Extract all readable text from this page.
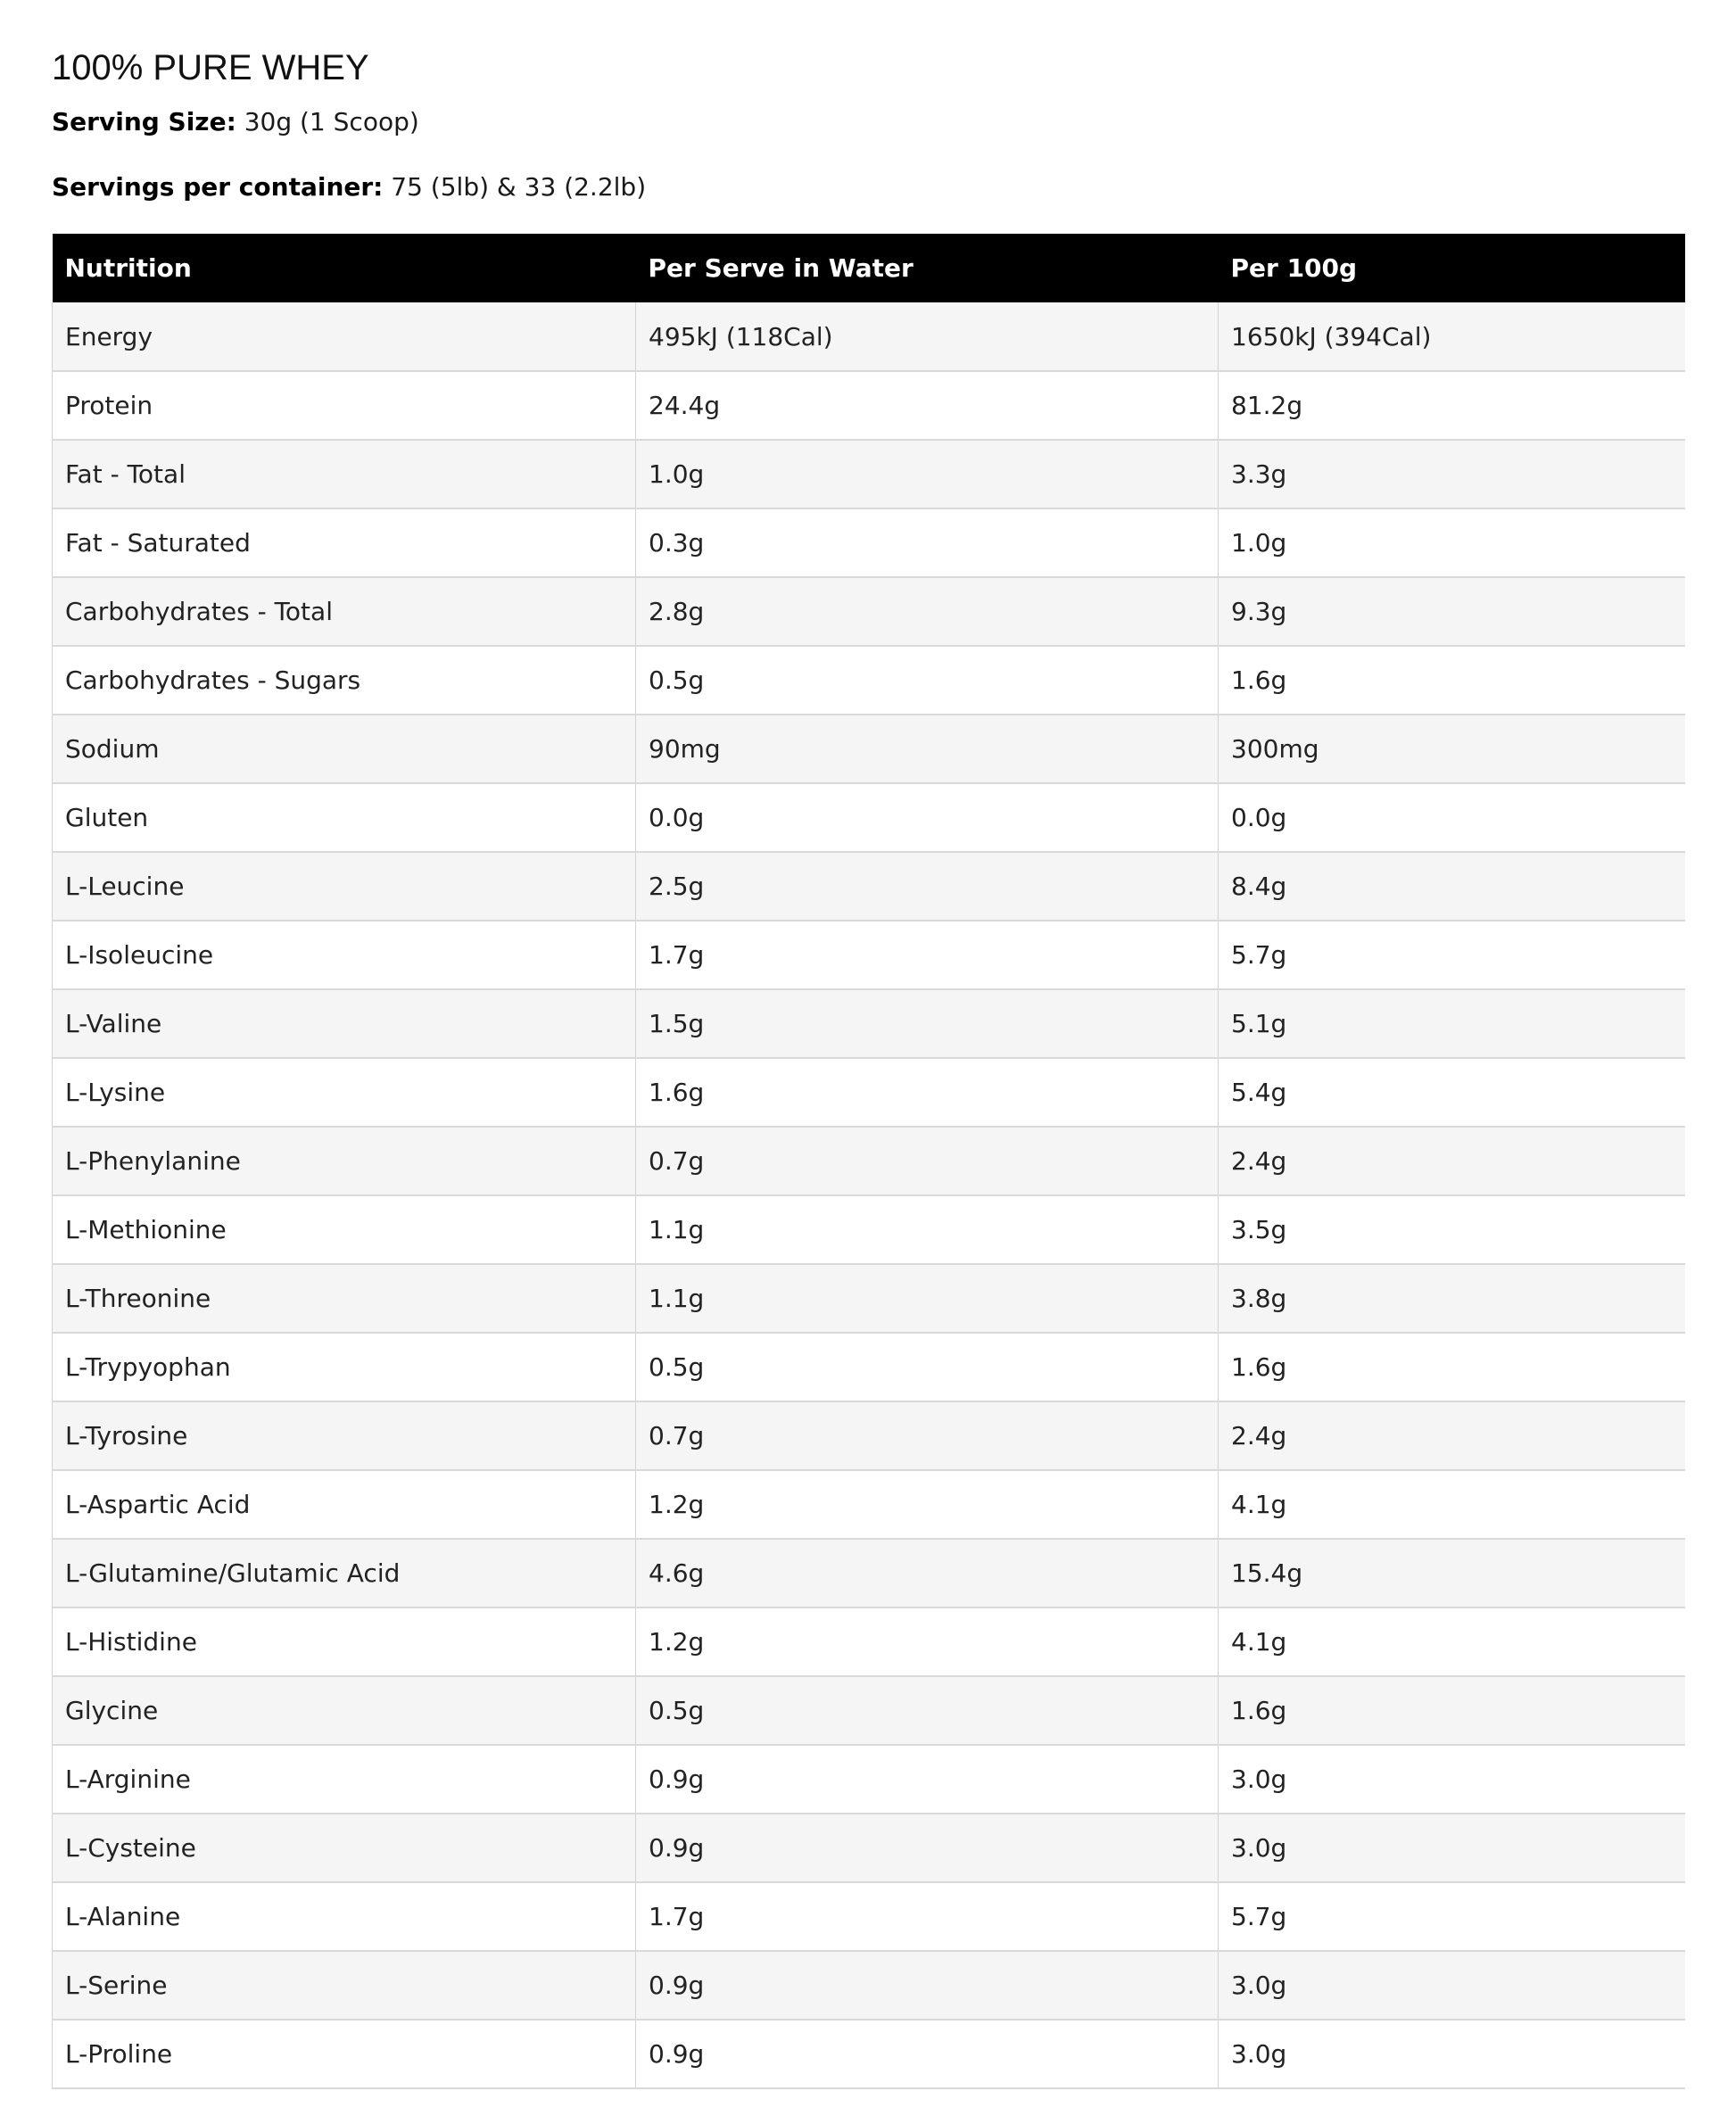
100% PURE WHEY

Serving Size: 30g (1 Scoop)

Servings per container: 75 (5lb) & 33 (2.2lb)

Nutrition	Per Serve in Water	Per 100g
Energy	495kJ (118Cal)	1650kJ (394Cal)
Protein	24.4g	81.2g
Fat - Total	1.0g	3.3g
Fat - Saturated	0.3g	1.0g
Carbohydrates - Total	2.8g	9.3g
Carbohydrates - Sugars	0.5g	1.6g
Sodium	90mg	300mg
Gluten	0.0g	0.0g
L-Leucine	2.5g	8.4g
L-Isoleucine	1.7g	5.7g
L-Valine	1.5g	5.1g
L-Lysine	1.6g	5.4g
L-Phenylanine	0.7g	2.4g
L-Methionine	1.1g	3.5g
L-Threonine	1.1g	3.8g
L-Trypyophan	0.5g	1.6g
L-Tyrosine	0.7g	2.4g
L-Aspartic Acid	1.2g	4.1g
L-Glutamine/Glutamic Acid	4.6g	15.4g
L-Histidine	1.2g	4.1g
Glycine	0.5g	1.6g
L-Arginine	0.9g	3.0g
L-Cysteine	0.9g	3.0g
L-Alanine	1.7g	5.7g
L-Serine	0.9g	3.0g
L-Proline	0.9g	3.0g
